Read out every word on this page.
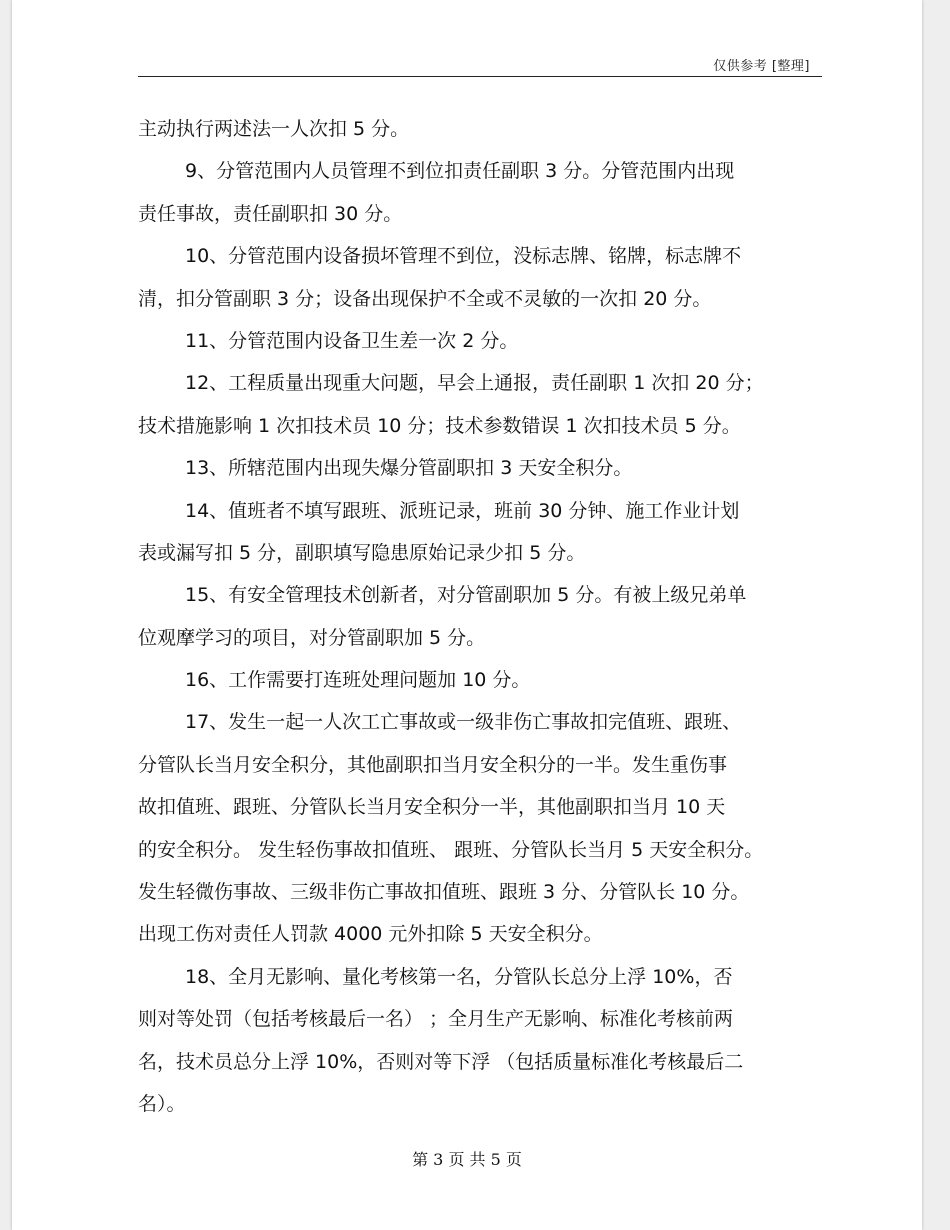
仅供参考 [整理]
主动执行两述法一人次扣 5 分。
9、分管范围内人员管理不到位扣责任副职 3 分。分管范围内出现
责任事故，责任副职扣 30 分。
10、分管范围内设备损坏管理不到位，没标志牌、铭牌，标志牌不
清，扣分管副职 3 分；设备出现保护不全或不灵敏的一次扣 20 分。
11、分管范围内设备卫生差一次 2 分。
12、工程质量出现重大问题，早会上通报，责任副职 1 次扣 20 分；
技术措施影响 1 次扣技术员 10 分；技术参数错误 1 次扣技术员 5 分。
13、所辖范围内出现失爆分管副职扣 3 天安全积分。
14、值班者不填写跟班、派班记录，班前 30 分钟、施工作业计划
表或漏写扣 5 分，副职填写隐患原始记录少扣 5 分。
15、有安全管理技术创新者，对分管副职加 5 分。有被上级兄弟单
位观摩学习的项目，对分管副职加 5 分。
16、工作需要打连班处理问题加 10 分。
17、发生一起一人次工亡事故或一级非伤亡事故扣完值班、跟班、
分管队长当月安全积分，其他副职扣当月安全积分的一半。发生重伤事
故扣值班、跟班、分管队长当月安全积分一半，其他副职扣当月 10 天
的安全积分。 发生轻伤事故扣值班、 跟班、分管队长当月 5 天安全积分。
发生轻微伤事故、三级非伤亡事故扣值班、跟班 3 分、分管队长 10 分。
出现工伤对责任人罚款 4000 元外扣除 5 天安全积分。
18、全月无影响、量化考核第一名，分管队长总分上浮 10%，否
则对等处罚（包括考核最后一名） ；全月生产无影响、标准化考核前两
名，技术员总分上浮 10%，否则对等下浮 （包括质量标准化考核最后二
名）。
第 3 页 共 5 页
